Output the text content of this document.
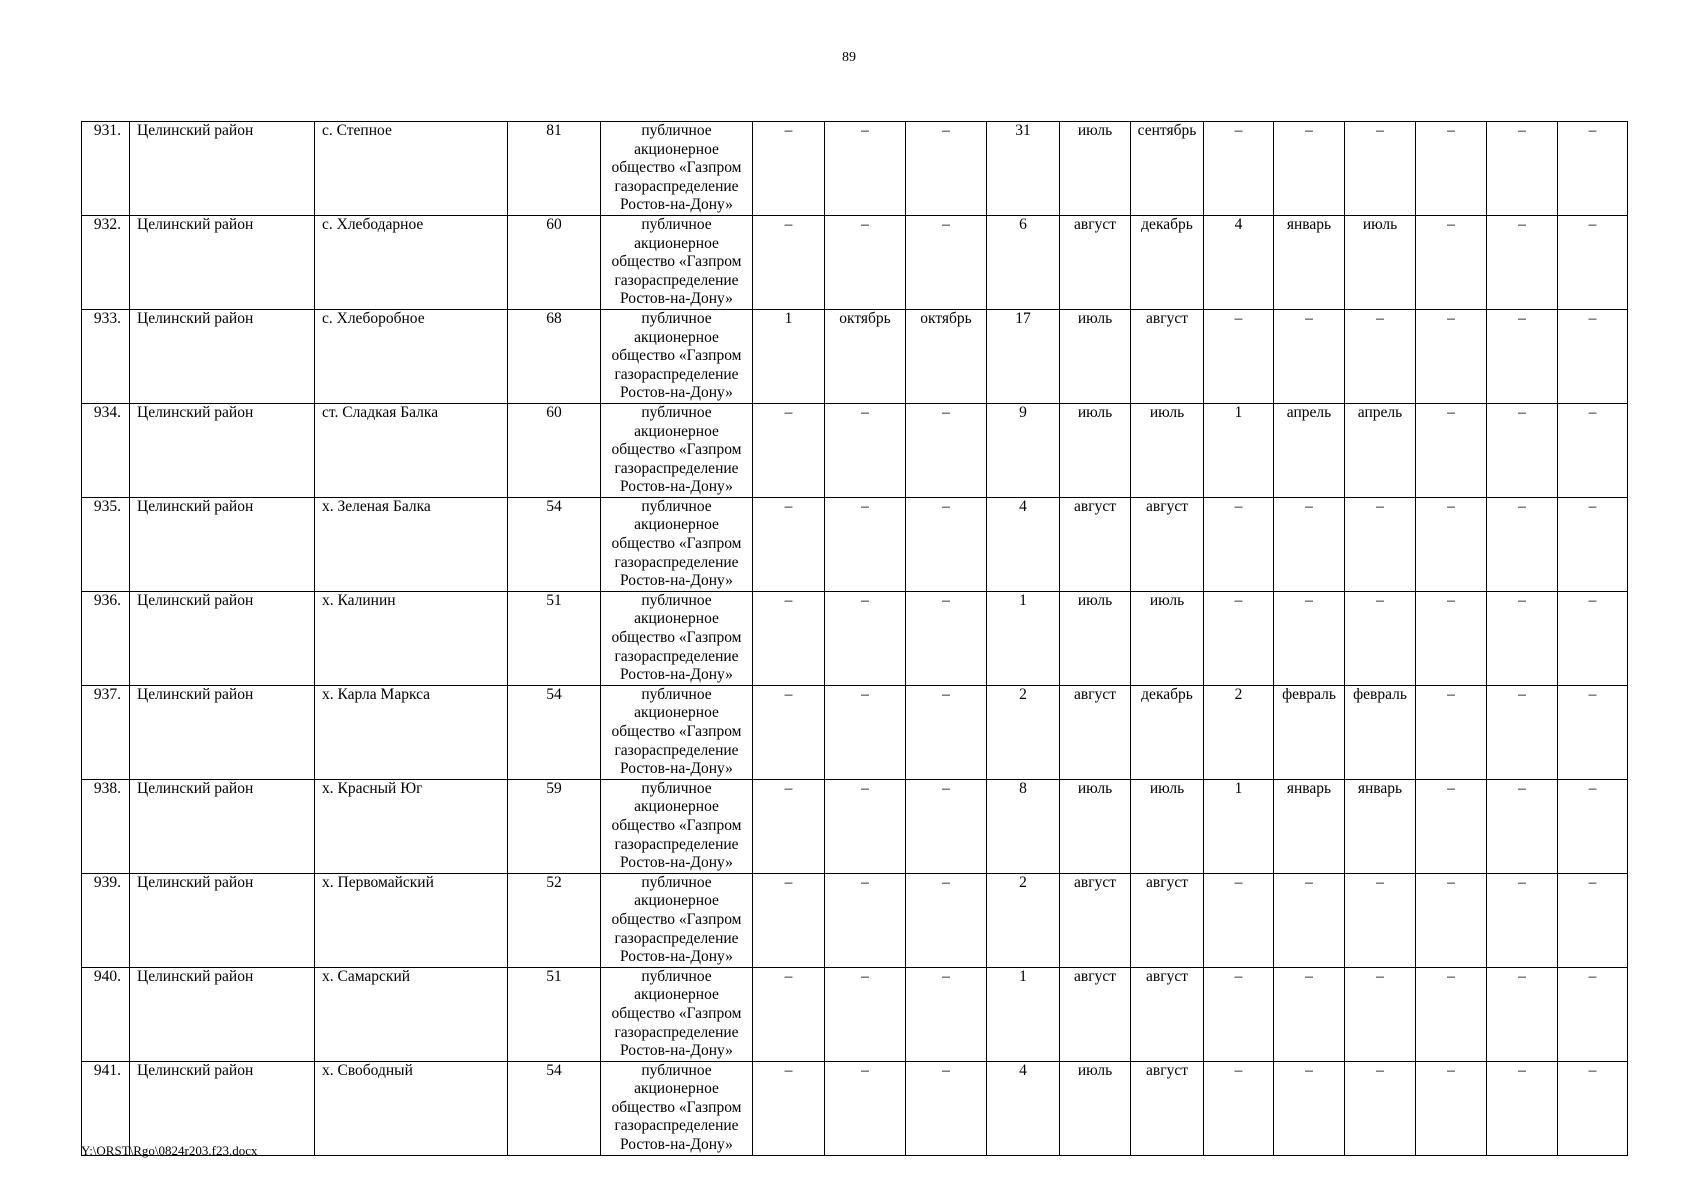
89
931.	Целинский район	с. Степное	81	публичное
акционерное
общество «Газпром
газораспределение
Ростов-на-Дону»	–	–	–	31	июль	сентябрь	–	–	–	–	–	–
932.	Целинский район	с. Хлебодарное	60	публичное
акционерное
общество «Газпром
газораспределение
Ростов-на-Дону»	–	–	–	6	август	декабрь	4	январь	июль	–	–	–
933.	Целинский район	с. Хлеборобное	68	публичное
акционерное
общество «Газпром
газораспределение
Ростов-на-Дону»	1	октябрь	октябрь	17	июль	август	–	–	–	–	–	–
934.	Целинский район	ст. Сладкая Балка	60	публичное
акционерное
общество «Газпром
газораспределение
Ростов-на-Дону»	–	–	–	9	июль	июль	1	апрель	апрель	–	–	–
935.	Целинский район	х. Зеленая Балка	54	публичное
акционерное
общество «Газпром
газораспределение
Ростов-на-Дону»	–	–	–	4	август	август	–	–	–	–	–	–
936.	Целинский район	х. Калинин	51	публичное
акционерное
общество «Газпром
газораспределение
Ростов-на-Дону»	–	–	–	1	июль	июль	–	–	–	–	–	–
937.	Целинский район	х. Карла Маркса	54	публичное
акционерное
общество «Газпром
газораспределение
Ростов-на-Дону»	–	–	–	2	август	декабрь	2	февраль	февраль	–	–	–
938.	Целинский район	х. Красный Юг	59	публичное
акционерное
общество «Газпром
газораспределение
Ростов-на-Дону»	–	–	–	8	июль	июль	1	январь	январь	–	–	–
939.	Целинский район	х. Первомайский	52	публичное
акционерное
общество «Газпром
газораспределение
Ростов-на-Дону»	–	–	–	2	август	август	–	–	–	–	–	–
940.	Целинский район	х. Самарский	51	публичное
акционерное
общество «Газпром
газораспределение
Ростов-на-Дону»	–	–	–	1	август	август	–	–	–	–	–	–
941.	Целинский район	х. Свободный	54	публичное
акционерное
общество «Газпром
газораспределение
Ростов-на-Дону»	–	–	–	4	июль	август	–	–	–	–	–	–
Y:\ORST\Rgo\0824r203.f23.docx
